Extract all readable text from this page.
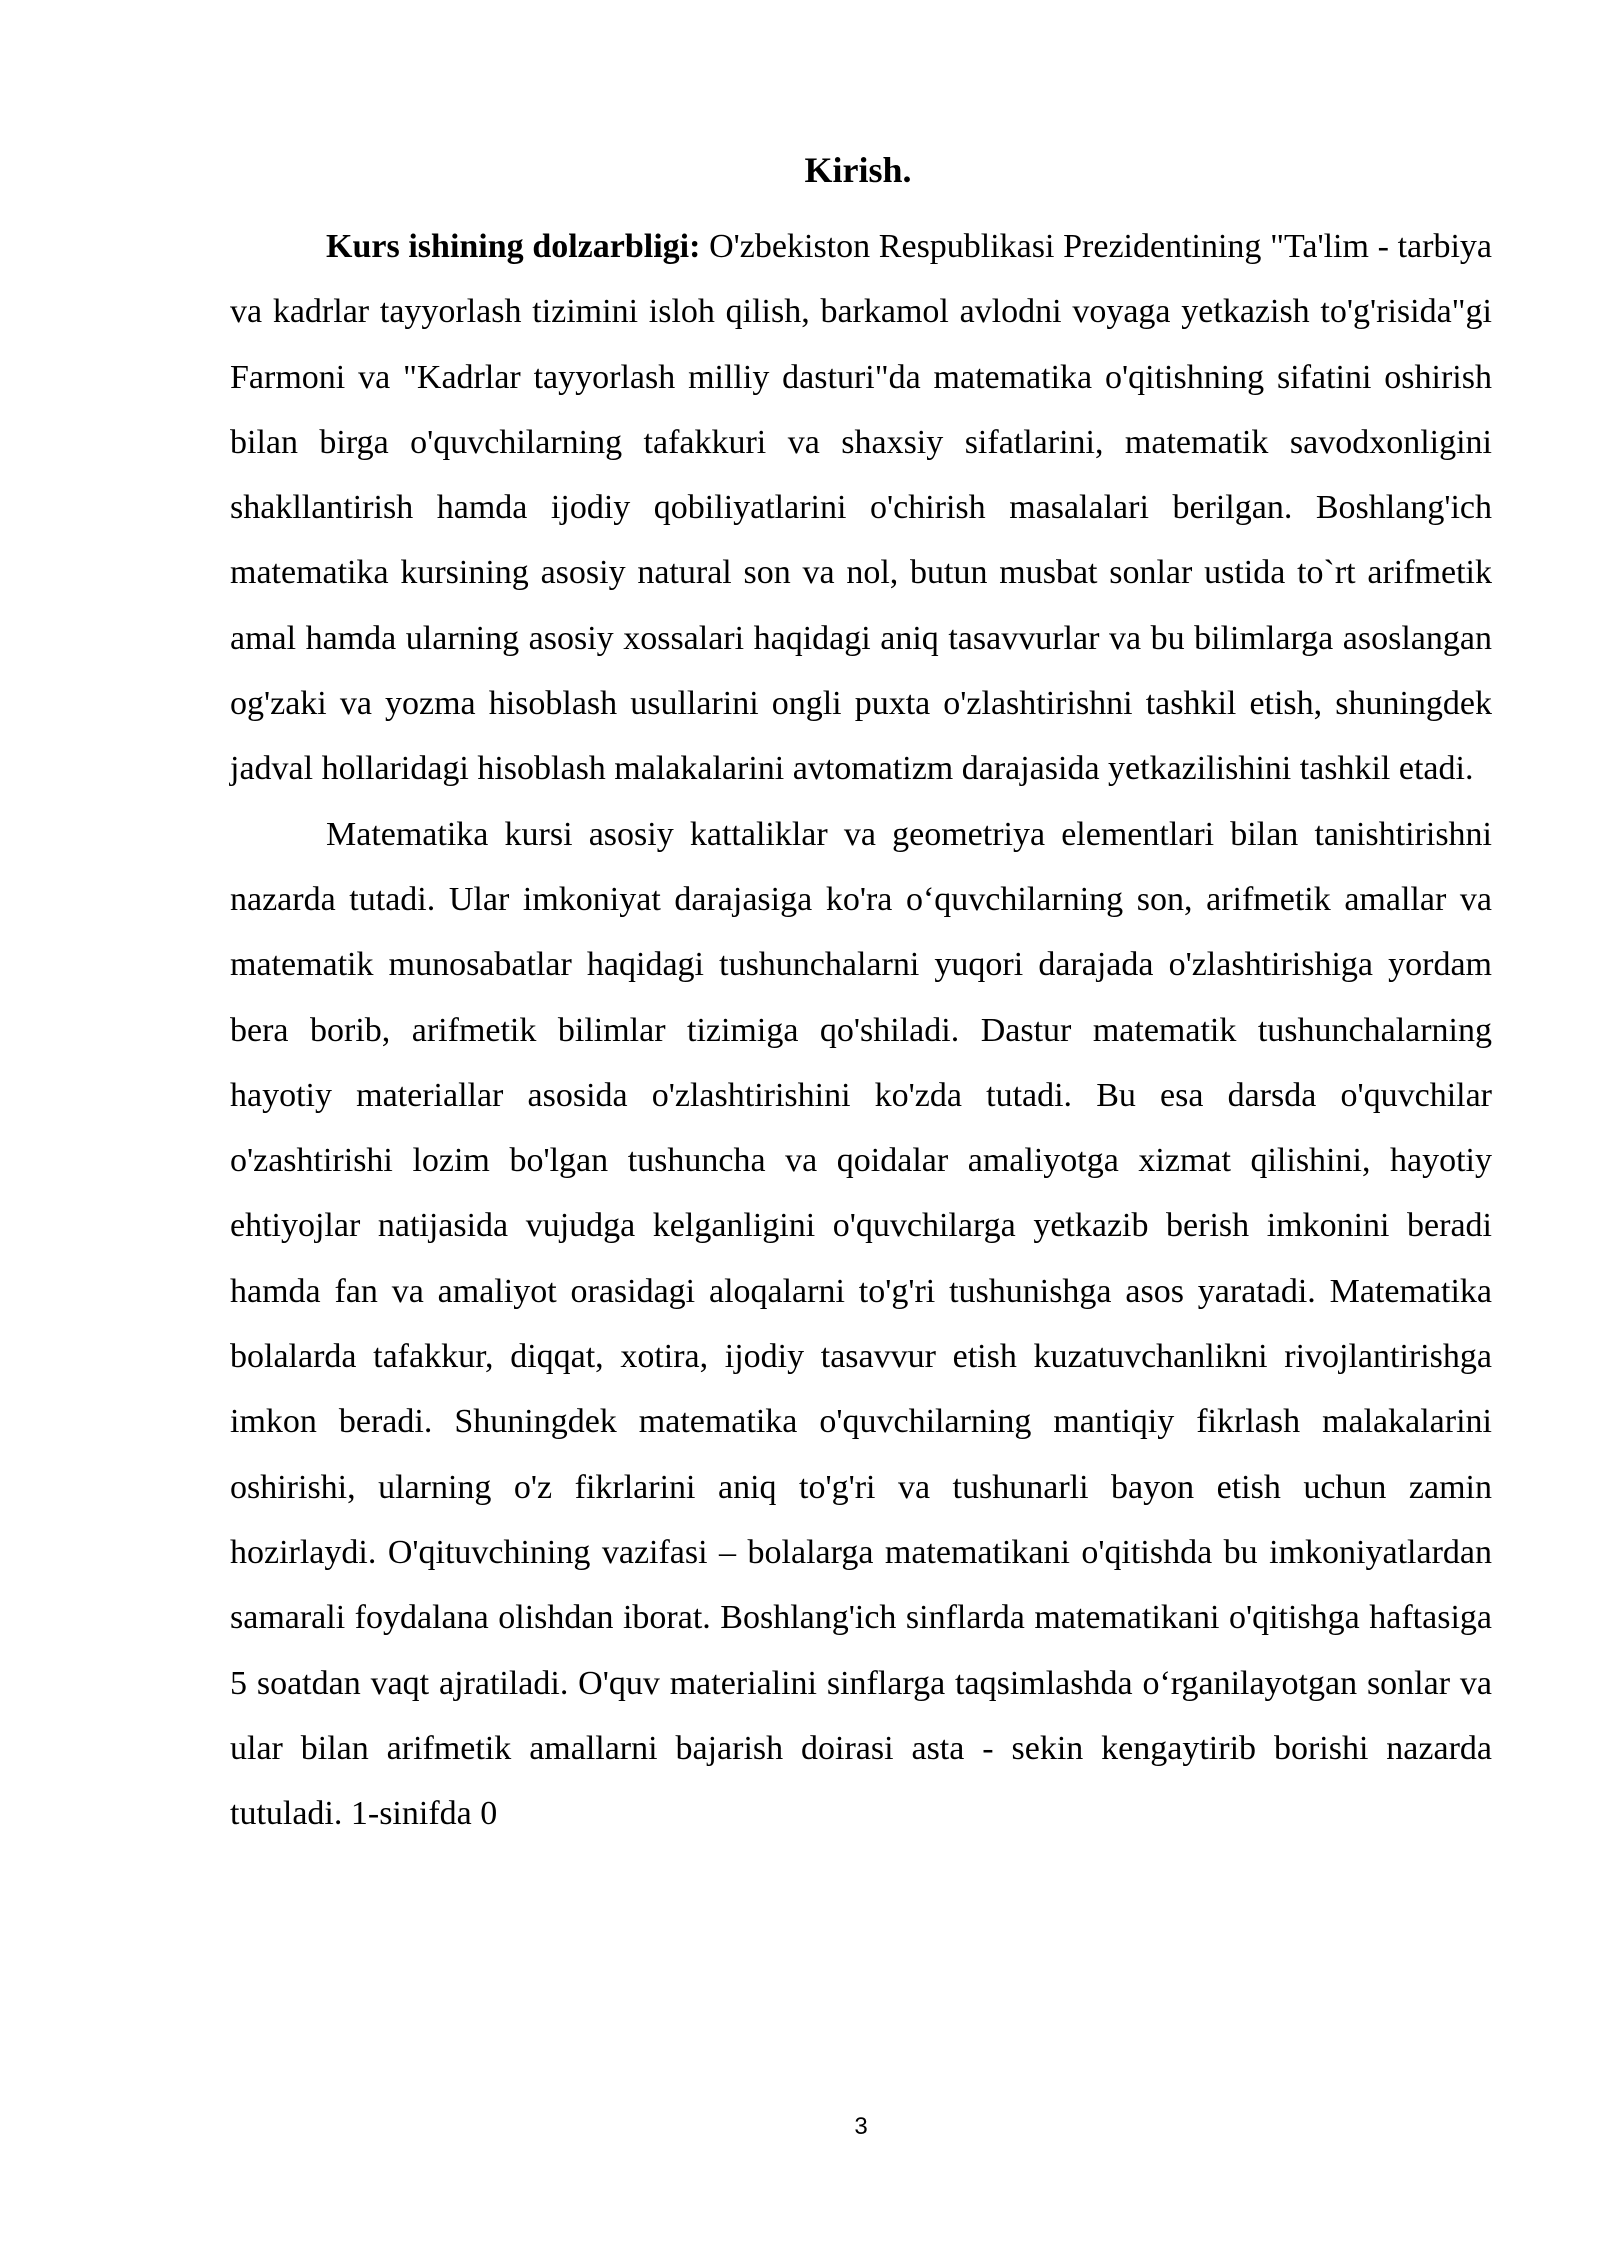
Kirish.

Kurs ishining dolzarbligi: O'zbekiston Respublikasi Prezidentining "Ta'lim - tarbiya va kadrlar tayyorlash tizimini isloh qilish, barkamol avlodni voyaga yetkazish to'g'risida"gi Farmoni va "Kadrlar tayyorlash milliy dasturi"da matematika o'qitishning sifatini oshirish bilan birga o'quvchilarning tafakkuri va shaxsiy sifatlarini, matematik savodxonligini shakllantirish hamda ijodiy qobiliyatlarini o'chirish masalalari berilgan. Boshlang'ich matematika kursining asosiy natural son va nol, butun musbat sonlar ustida to`rt arifmetik amal hamda ularning asosiy xossalari haqidagi aniq tasavvurlar va bu bilimlarga asoslangan og'zaki va yozma hisoblash usullarini ongli puxta o'zlashtirishni tashkil etish, shuningdek jadval hollaridagi hisoblash malakalarini avtomatizm darajasida yetkazilishini tashkil etadi.

Matematika kursi asosiy kattaliklar va geometriya elementlari bilan tanishtirishni nazarda tutadi. Ular imkoniyat darajasiga ko'ra o‘quvchilarning son, arifmetik amallar va matematik munosabatlar haqidagi tushunchalarni yuqori darajada o'zlashtirishiga yordam bera borib, arifmetik bilimlar tizimiga qo'shiladi. Dastur matematik tushunchalarning hayotiy materiallar asosida o'zlashtirishini ko'zda tutadi. Bu esa darsda o'quvchilar o'zashtirishi lozim bo'lgan tushuncha va qoidalar amaliyotga xizmat qilishini, hayotiy ehtiyojlar natijasida vujudga kelganligini o'quvchilarga yetkazib berish imkonini beradi hamda fan va amaliyot orasidagi aloqalarni to'g'ri tushunishga asos yaratadi. Matematika bolalarda tafakkur, diqqat, xotira, ijodiy tasavvur etish kuzatuvchanlikni rivojlantirishga imkon beradi. Shuningdek matematika o'quvchilarning mantiqiy fikrlash malakalarini oshirishi, ularning o'z fikrlarini aniq to'g'ri va tushunarli bayon etish uchun zamin hozirlaydi. O'qituvchining vazifasi – bolalarga matematikani o'qitishda bu imkoniyatlardan samarali foydalana olishdan iborat. Boshlang'ich sinflarda matematikani o'qitishga haftasiga 5 soatdan vaqt ajratiladi. O'quv materialini sinflarga taqsimlashda o‘rganilayotgan sonlar va ular bilan arifmetik amallarni bajarish doirasi asta - sekin kengaytirib borishi nazarda tutuladi. 1-sinifda 0

3
